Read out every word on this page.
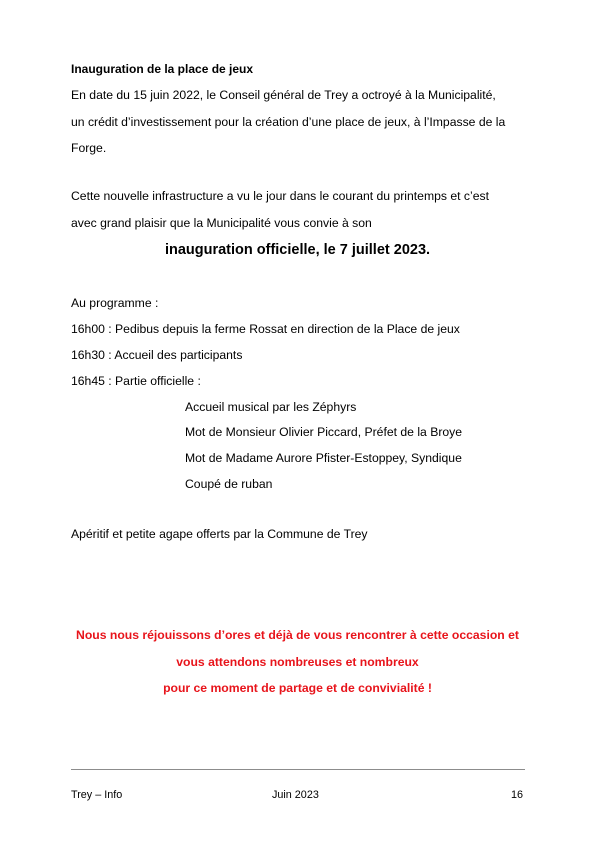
Inauguration de la place de jeux
En date du 15 juin 2022, le Conseil général de Trey a octroyé à la Municipalité,
un crédit d’investissement pour la création d’une place de jeux, à l’Impasse de la
Forge.
Cette nouvelle infrastructure a vu le jour dans le courant du printemps et c’est
avec grand plaisir que la Municipalité vous convie à son
inauguration officielle, le 7 juillet 2023.
Au programme :
16h00 : Pedibus depuis la ferme Rossat en direction de la Place de jeux
16h30 : Accueil des participants
16h45 : Partie officielle :
Accueil musical par les Zéphyrs
Mot de Monsieur Olivier Piccard, Préfet de la Broye
Mot de Madame Aurore Pfister-Estoppey, Syndique
Coupé de ruban
Apéritif et petite agape offerts par la Commune de Trey
Nous nous réjouissons d’ores et déjà de vous rencontrer à cette occasion et
vous attendons nombreuses et nombreux
pour ce moment de partage et de convivialité !
Trey – Info	Juin 2023	16
